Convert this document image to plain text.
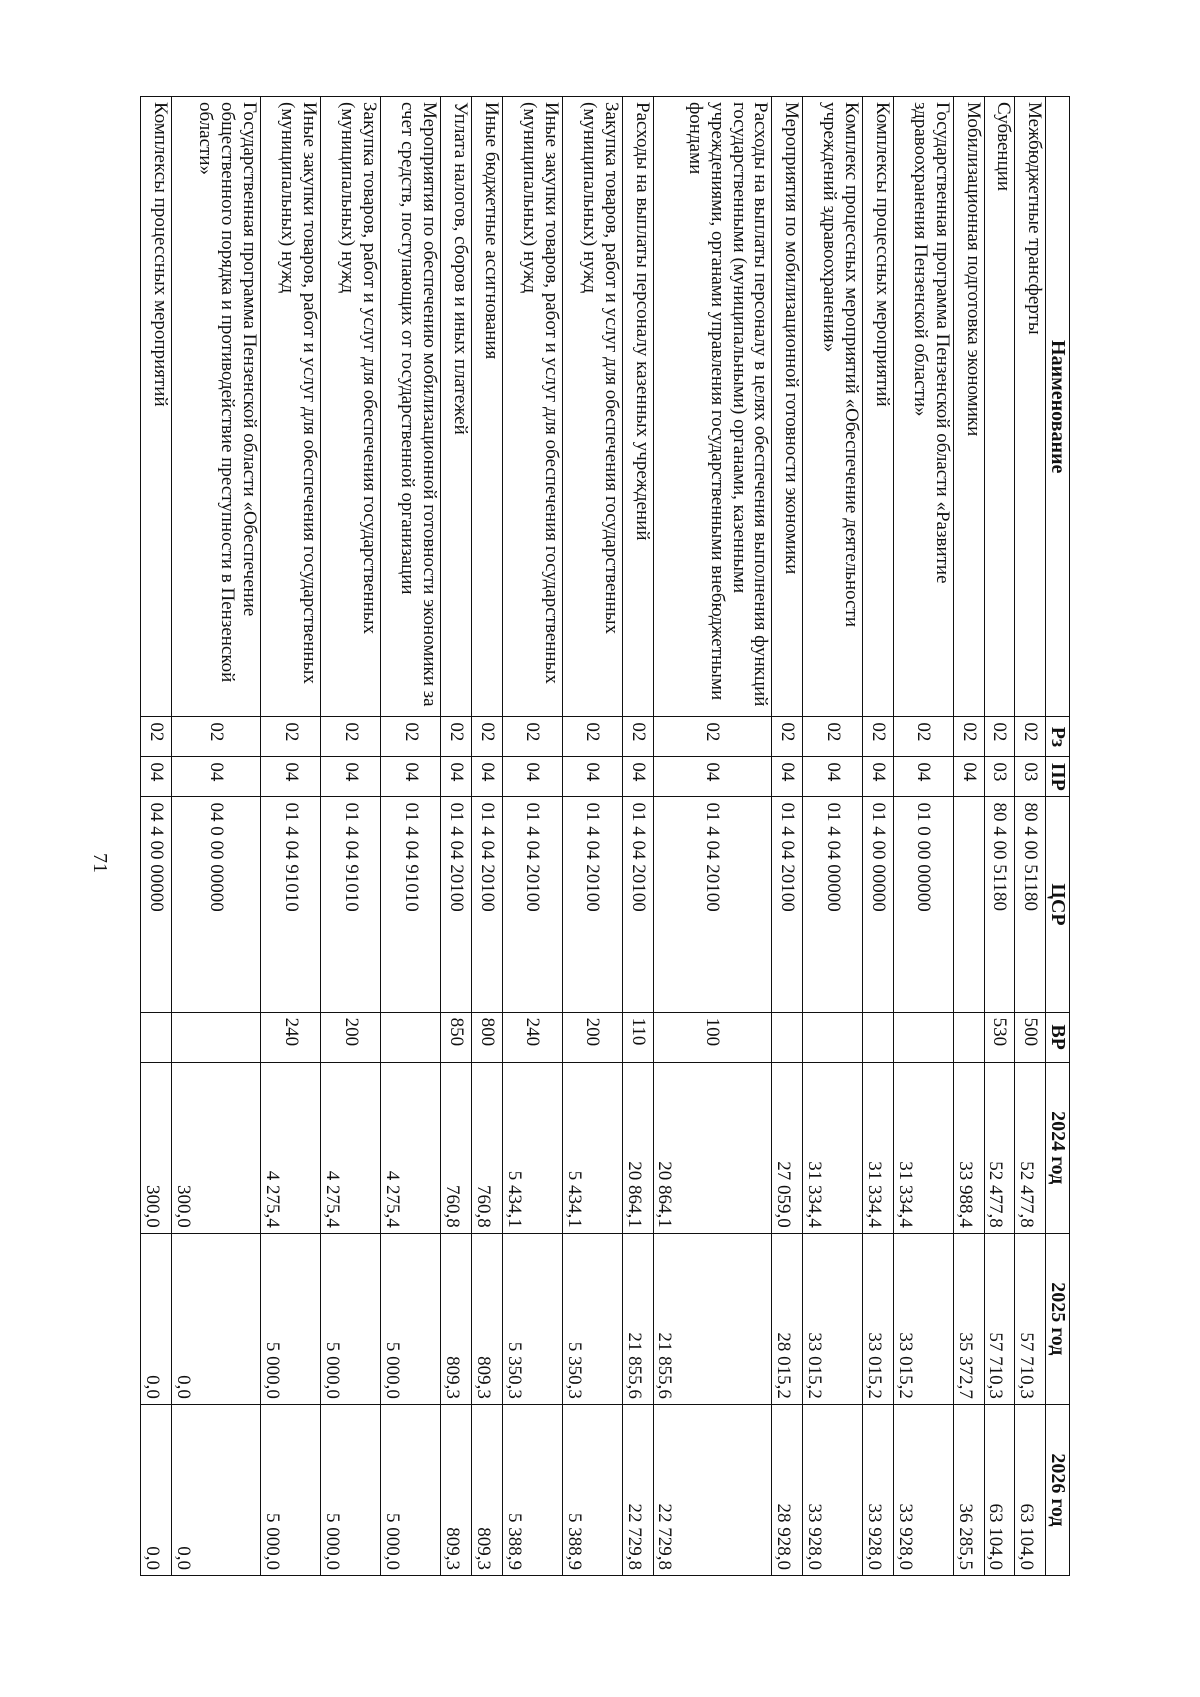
71
Наименование	Рз	ПР	ЦСР	ВР	2024 год	2025 год	2026 год
Межбюджетные трансферты	02	03	80 4 00 51180	500	52 477,8	57 710,3	63 104,0
Субвенции	02	03	80 4 00 51180	530	52 477,8	57 710,3	63 104,0
Мобилизационная подготовка экономики	02	04			33 988,4	35 372,7	36 285,5
Государственная программа Пензенской области «Развитие здравоохранения Пензенской области»	02	04	01 0 00 00000		31 334,4	33 015,2	33 928,0
Комплексы процессных мероприятий	02	04	01 4 00 00000		31 334,4	33 015,2	33 928,0
Комплекс процессных мероприятий «Обеспечение деятельности учреждений здравоохранения»	02	04	01 4 04 00000		31 334,4	33 015,2	33 928,0
Мероприятия по мобилизационной готовности экономики	02	04	01 4 04 20100		27 059,0	28 015,2	28 928,0
Расходы на выплаты персоналу в целях обеспечения выполнения функций государственными (муниципальными) органами, казенными учреждениями, органами управления государственными внебюджетными фондами	02	04	01 4 04 20100	100	20 864,1	21 855,6	22 729,8
Расходы на выплаты персоналу казенных учреждений	02	04	01 4 04 20100	110	20 864,1	21 855,6	22 729,8
Закупка товаров, работ и услуг для обеспечения государственных (муниципальных) нужд	02	04	01 4 04 20100	200	5 434,1	5 350,3	5 388,9
Иные закупки товаров, работ и услуг для обеспечения государственных (муниципальных) нужд	02	04	01 4 04 20100	240	5 434,1	5 350,3	5 388,9
Иные бюджетные ассигнования	02	04	01 4 04 20100	800	760,8	809,3	809,3
Уплата налогов, сборов и иных платежей	02	04	01 4 04 20100	850	760,8	809,3	809,3
Мероприятия по обеспечению мобилизационной готовности экономики за счет средств, поступающих от государственной организации	02	04	01 4 04 91010		4 275,4	5 000,0	5 000,0
Закупка товаров, работ и услуг для обеспечения государственных (муниципальных) нужд	02	04	01 4 04 91010	200	4 275,4	5 000,0	5 000,0
Иные закупки товаров, работ и услуг для обеспечения государственных (муниципальных) нужд	02	04	01 4 04 91010	240	4 275,4	5 000,0	5 000,0
Государственная программа Пензенской области «Обеспечение общественного порядка и противодействие преступности в Пензенской области»	02	04	04 0 00 00000		300,0	0,0	0,0
Комплексы процессных мероприятий	02	04	04 4 00 00000		300,0	0,0	0,0
